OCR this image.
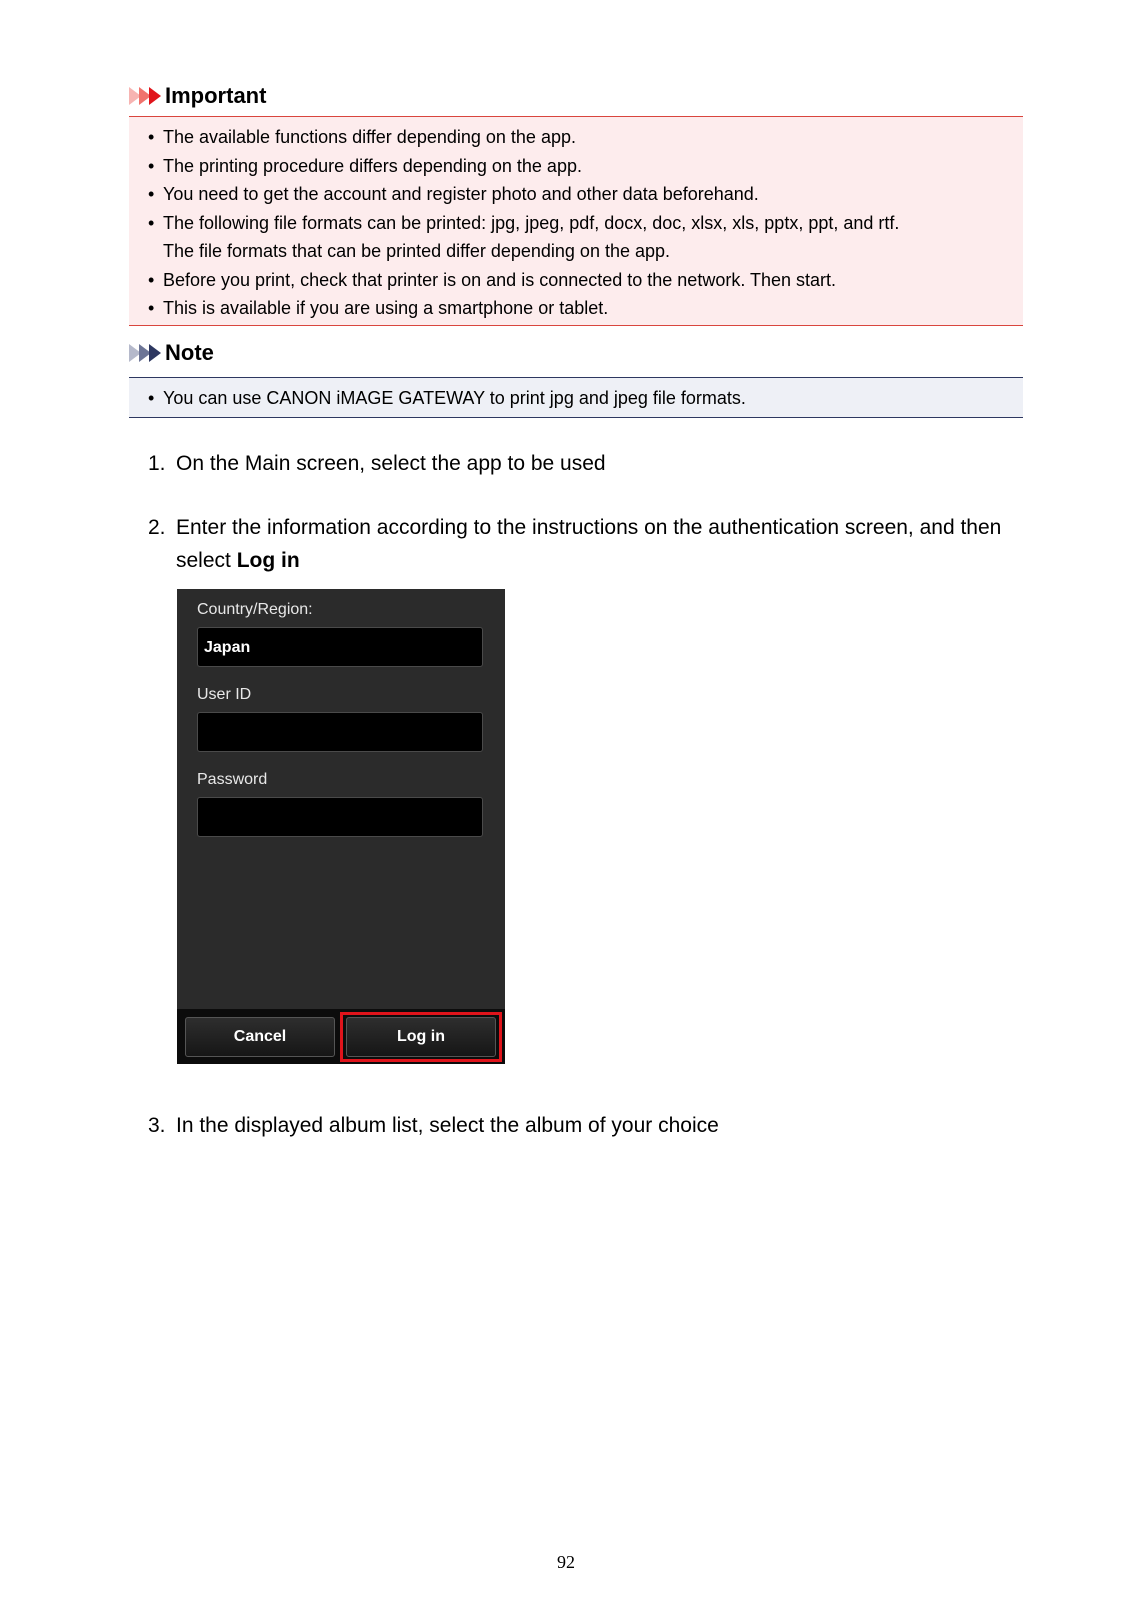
Important
• The available functions differ depending on the app.
• The printing procedure differs depending on the app.
• You need to get the account and register photo and other data beforehand.
• The following file formats can be printed: jpg, jpeg, pdf, docx, doc, xlsx, xls, pptx, ppt, and rtf.
The file formats that can be printed differ depending on the app.
• Before you print, check that printer is on and is connected to the network. Then start.
• This is available if you are using a smartphone or tablet.
Note
• You can use CANON iMAGE GATEWAY to print jpg and jpeg file formats.
1. On the Main screen, select the app to be used
2. Enter the information according to the instructions on the authentication screen, and then select Log in
Country/Region:
Japan
User ID
Password
Cancel	Log in
3. In the displayed album list, select the album of your choice
92
